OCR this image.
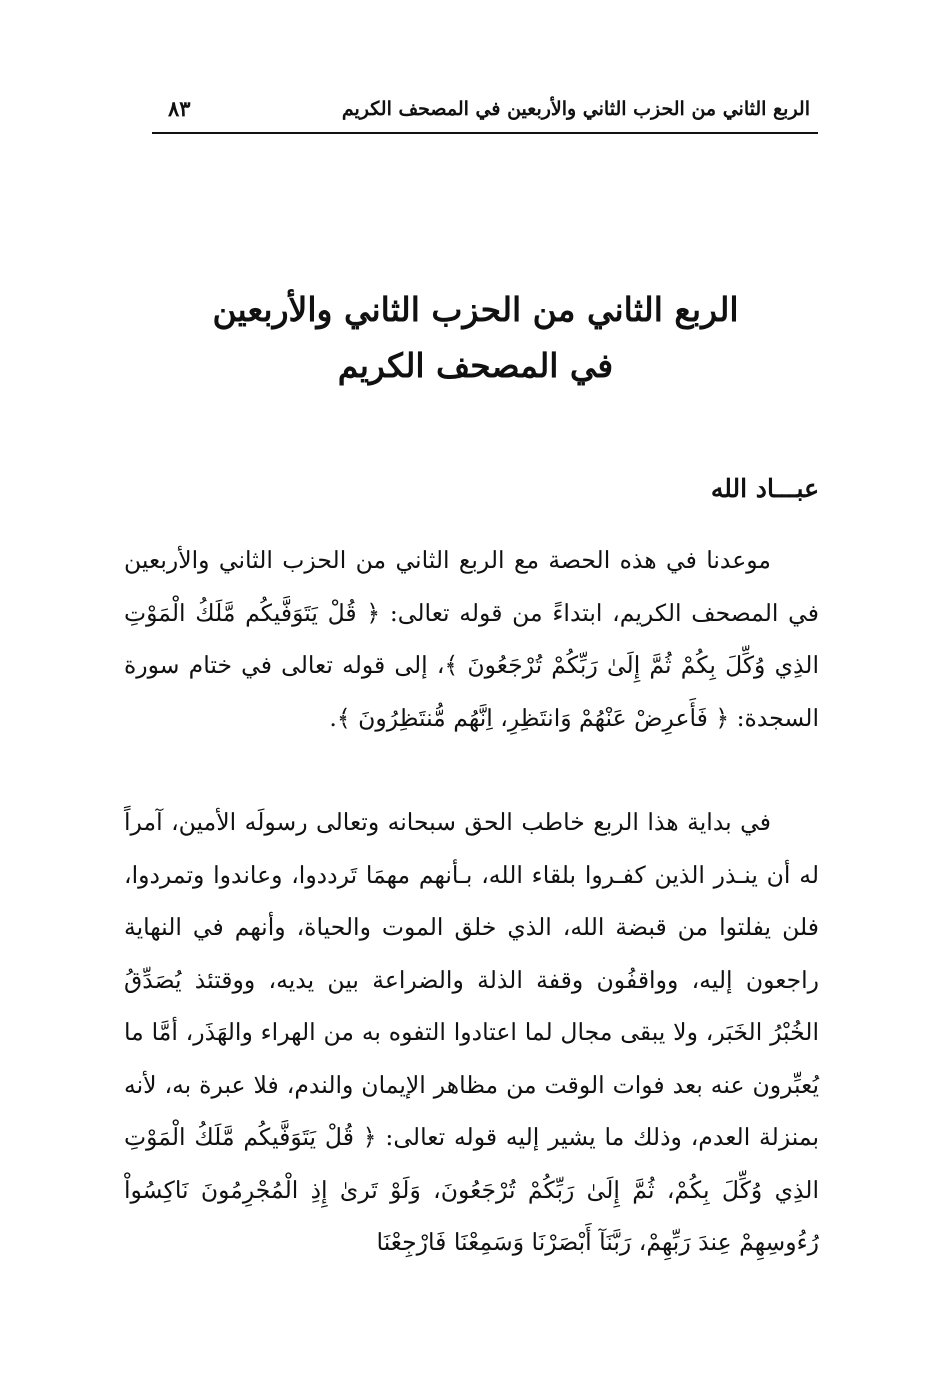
الربع الثاني من الحزب الثاني والأربعين في المصحف الكريم
٨٣
الربع الثاني من الحزب الثاني والأربعين
في المصحف الكريم
عبـــاد الله

موعدنا في هذه الحصة مع الربع الثاني من الحزب الثاني والأربعين في المصحف الكريم، ابتداءً من قوله تعالى: ﴿ قُلْ يَتَوَفَّيكُم مَّلَكُ الْمَوْتِ الذِي وُكِّلَ بِكُمْ ثُمَّ إِلَىٰ رَبِّكُمْ تُرْجَعُونَ ﴾، إلى قوله تعالى في ختام سورة السجدة: ﴿ فَأَعرِضْ عَنْهُمْ وَانتَظِرِ، اِنَّهُم مُّنتَظِرُونَ ﴾.

في بداية هذا الربع خاطب الحق سبحانه وتعالى رسولَه الأمين، آمراً له أن ينـذر الذين كفـروا بلقاء الله، بـأنهم مهمَا تَرددوا، وعاندوا وتمردوا، فلن يفلتوا من قبضة الله، الذي خلق الموت والحياة، وأنهم في النهاية راجعون إليه، وواقفُون وقفة الذلة والضراعة بين يديه، ووقتئذ يُصَدِّقُ الخُبْرُ الخَبَر، ولا يبقى مجال لما اعتادوا التفوه به من الهراء والهَذَر، أمَّا ما يُعبِّرون عنه بعد فوات الوقت من مظاهر الإيمان والندم، فلا عبرة به، لأنه بمنزلة العدم، وذلك ما يشير إليه قوله تعالى: ﴿ قُلْ يَتَوَفَّيكُم مَّلَكُ الْمَوْتِ الذِي وُكِّلَ بِكُمْ، ثُمَّ إِلَىٰ رَبِّكُمْ تُرْجَعُونَ، وَلَوْ تَرىٰ إِذِ الْمُجْرِمُونَ نَاكِسُواْ رُءُوسِهِمْ عِندَ رَبِّهِمْ، رَبَّنَآ أَبْصَرْنَا وَسَمِعْنَا فَارْجِعْنَا
